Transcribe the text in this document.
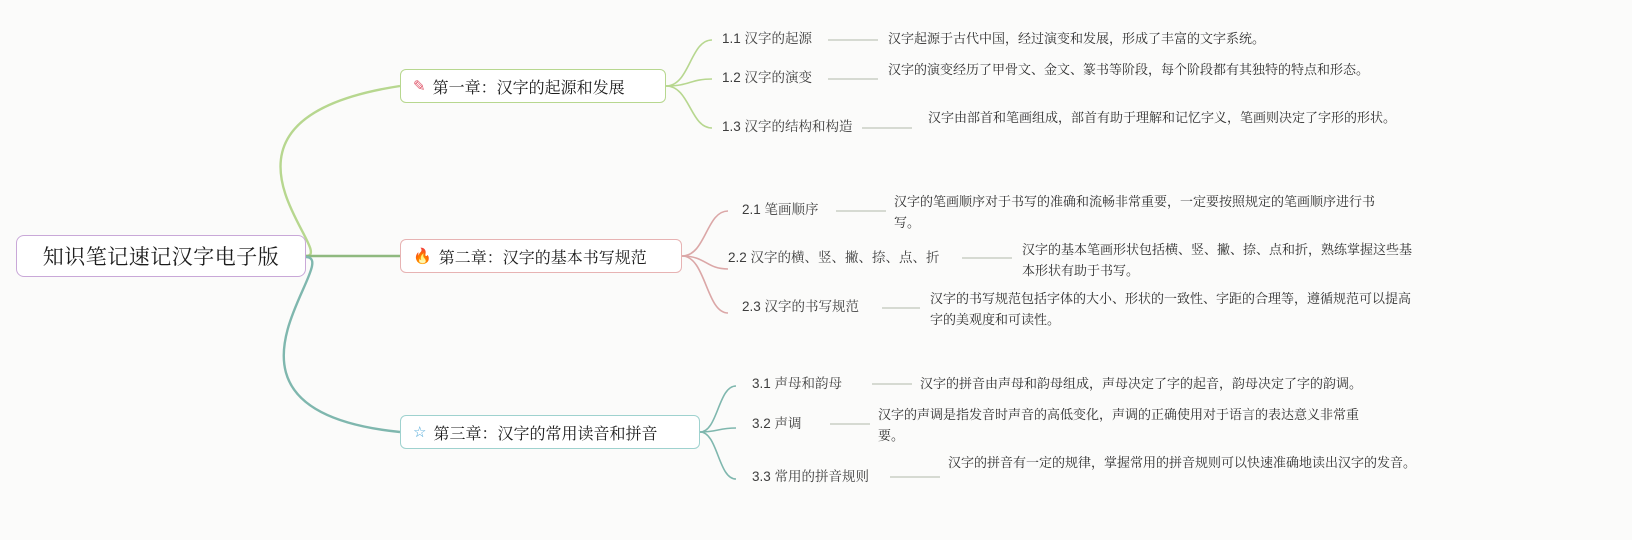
知识笔记速记汉字电子版
✎ 第一章：汉字的起源和发展
1.1 汉字的起源
1.2 汉字的演变
1.3 汉字的结构和构造
汉字起源于古代中国，经过演变和发展，形成了丰富的文字系统。
汉字的演变经历了甲骨文、金文、篆书等阶段，每个阶段都有其独特的特点和形态。
汉字由部首和笔画组成，部首有助于理解和记忆字义，笔画则决定了字形的形状。
🔥 第二章：汉字的基本书写规范
2.1 笔画顺序
2.2 汉字的横、竖、撇、捺、点、折
2.3 汉字的书写规范
汉字的笔画顺序对于书写的准确和流畅非常重要，一定要按照规定的笔画顺序进行书写。
汉字的基本笔画形状包括横、竖、撇、捺、点和折，熟练掌握这些基本形状有助于书写。
汉字的书写规范包括字体的大小、形状的一致性、字距的合理等，遵循规范可以提高字的美观度和可读性。
☆ 第三章：汉字的常用读音和拼音
3.1 声母和韵母
3.2 声调
3.3 常用的拼音规则
汉字的拼音由声母和韵母组成，声母决定了字的起音，韵母决定了字的韵调。
汉字的声调是指发音时声音的高低变化，声调的正确使用对于语言的表达意义非常重要。
汉字的拼音有一定的规律，掌握常用的拼音规则可以快速准确地读出汉字的发音。
